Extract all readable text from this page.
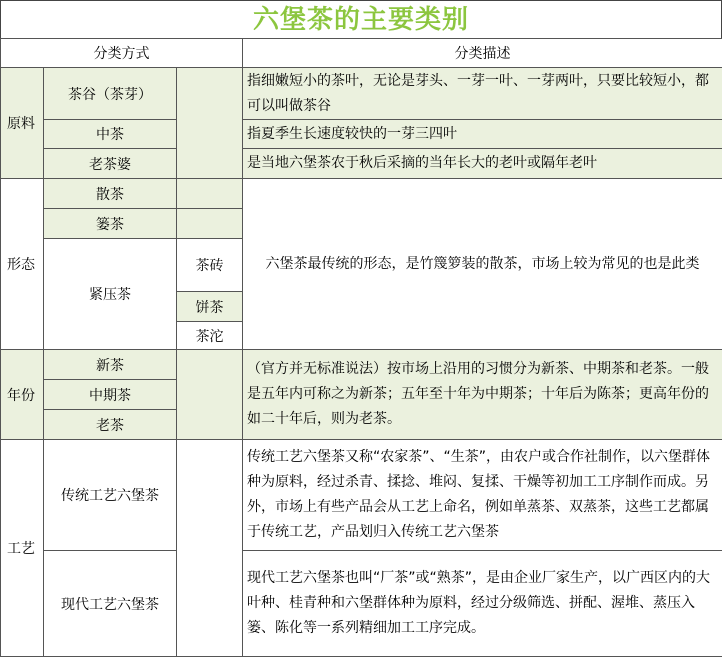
六堡茶的主要类别
分类方式			分类描述
原料	茶谷（茶芽）		指细嫩短小的茶叶，无论是芽头、一芽一叶、一芽两叶，只要比较短小，都可以叫做茶谷
	中茶		指夏季生长速度较快的一芽三四叶
	老茶婆		是当地六堡茶农于秋后采摘的当年长大的老叶或隔年老叶
形态	散茶		六堡茶最传统的形态，是竹篾箩装的散茶，市场上较为常见的也是此类
	篓茶		
	紧压茶	茶砖	
		饼茶	
		茶沱	
年份	新茶		（官方并无标准说法）按市场上沿用的习惯分为新茶、中期茶和老茶。一般是五年内可称之为新茶；五年至十年为中期茶；十年后为陈茶；更高年份的如二十年后，则为老茶。
	中期茶		
	老茶		
工艺	传统工艺六堡茶		传统工艺六堡茶又称“农家茶”、“生茶”，由农户或合作社制作，以六堡群体种为原料，经过杀青、揉捻、堆闷、复揉、干燥等初加工工序制作而成。另外，市场上有些产品会从工艺上命名，例如单蒸茶、双蒸茶，这些工艺都属于传统工艺，产品划归入传统工艺六堡茶
	现代工艺六堡茶		现代工艺六堡茶也叫“厂茶”或“熟茶”，是由企业厂家生产，以广西区内的大叶种、桂青种和六堡群体种为原料，经过分级筛选、拼配、渥堆、蒸压入篓、陈化等一系列精细加工工序完成。
